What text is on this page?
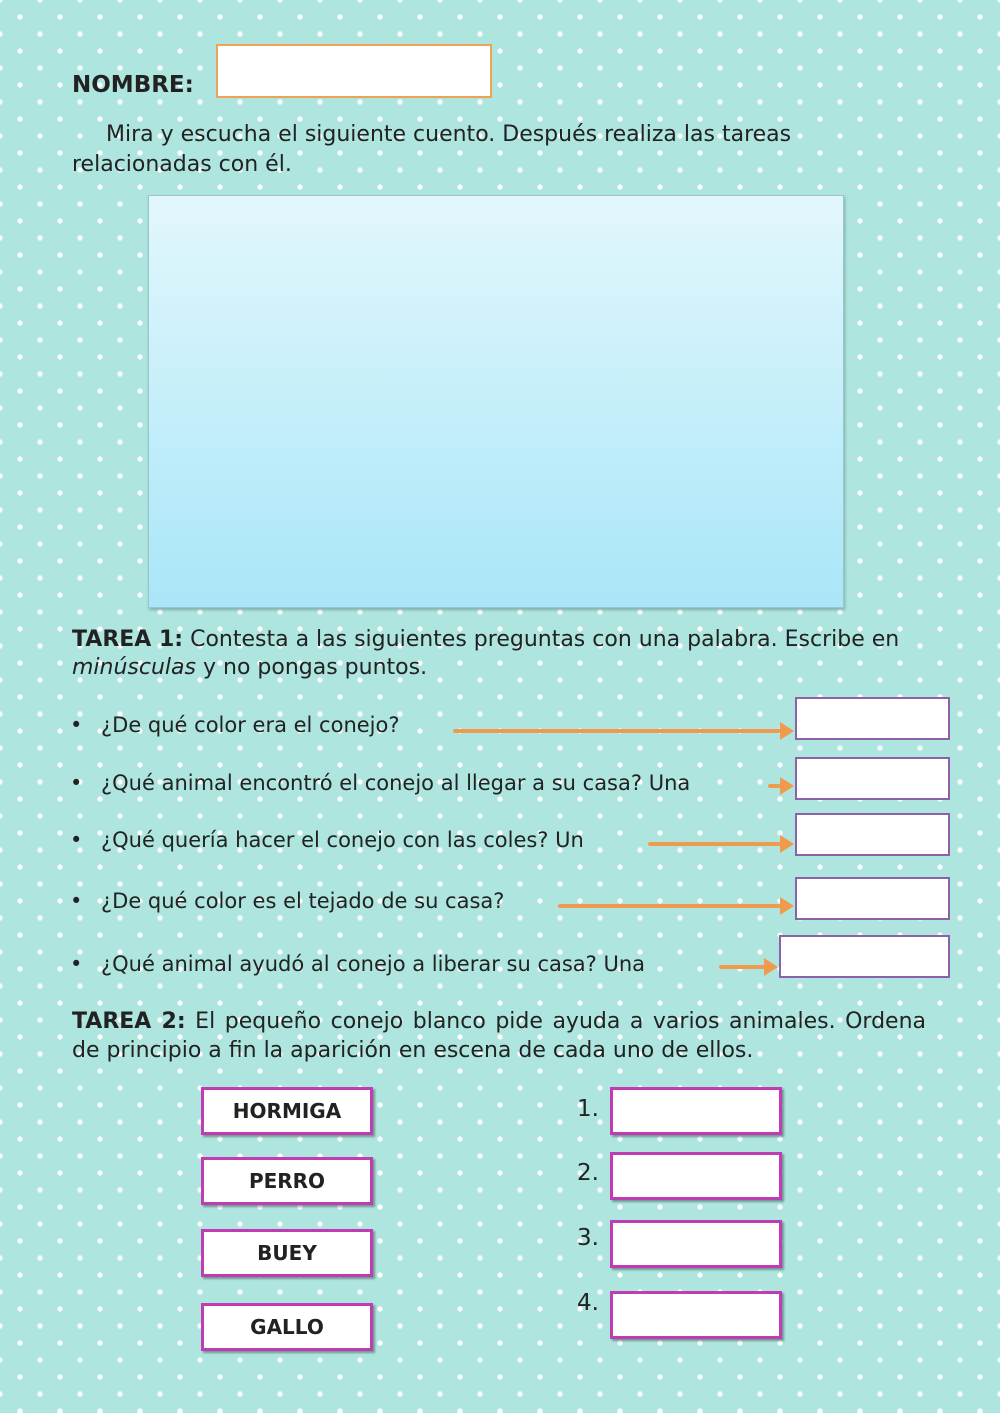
NOMBRE:
Mira y escucha el siguiente cuento. Después realiza las tareas relacionadas con él.
TAREA 1: Contesta a las siguientes preguntas con una palabra. Escribe en minúsculas y no pongas puntos.
• ¿De qué color era el conejo?
• ¿Qué animal encontró el conejo al llegar a su casa? Una
• ¿Qué quería hacer el conejo con las coles? Un
• ¿De qué color es el tejado de su casa?
• ¿Qué animal ayudó al conejo a liberar su casa? Una
TAREA 2: El pequeño conejo blanco pide ayuda a varios animales. Ordena de principio a fin la aparición en escena de cada uno de ellos.
HORMIGA
PERRO
BUEY
GALLO
1.
2.
3.
4.
